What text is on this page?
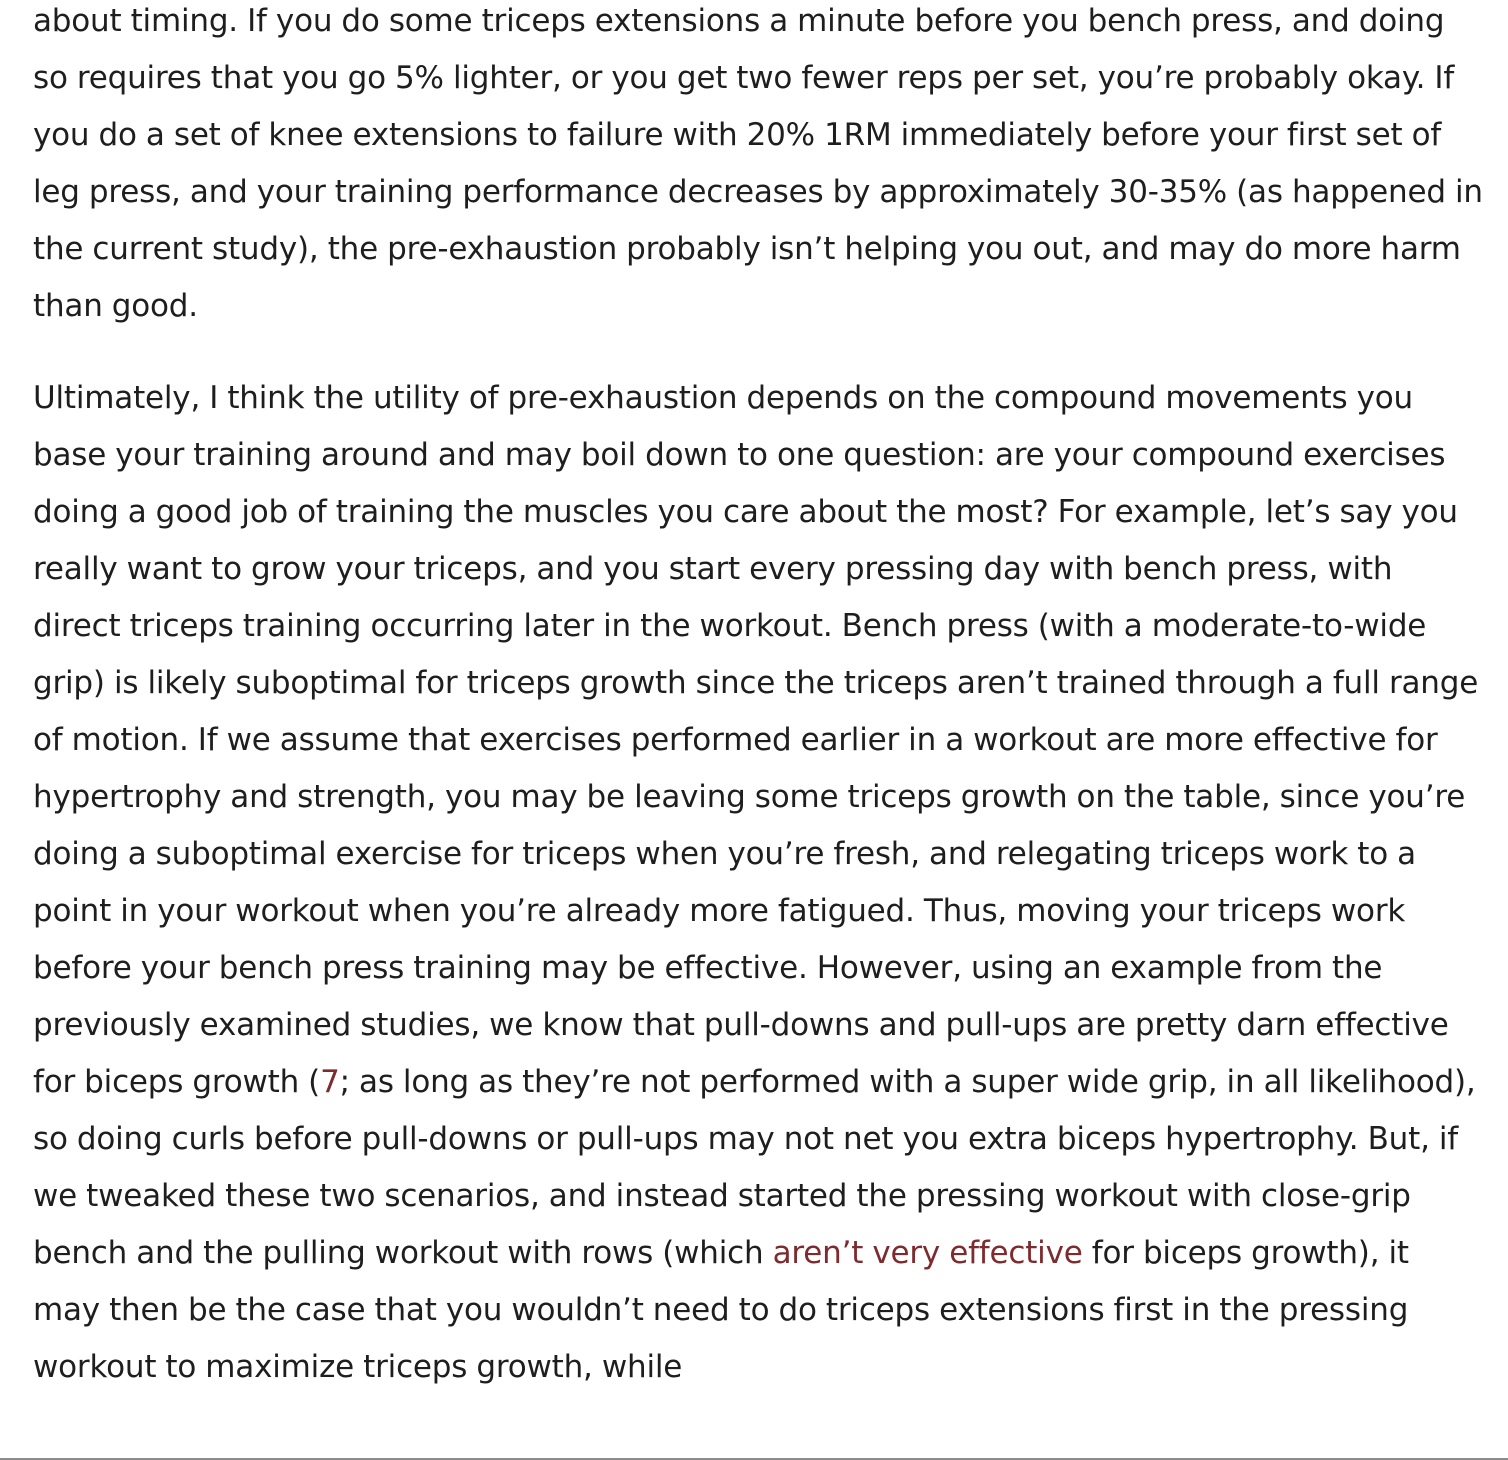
about timing. If you do some triceps extensions a minute before you bench press, and doing so requires that you go 5% lighter, or you get two fewer reps per set, you’re probably okay. If you do a set of knee extensions to failure with 20% 1RM immediately before your first set of leg press, and your training performance decreases by approximately 30-35% (as happened in the current study), the pre-exhaustion probably isn’t helping you out, and may do more harm than good.

Ultimately, I think the utility of pre-exhaustion depends on the compound movements you base your training around and may boil down to one question: are your compound exercises doing a good job of training the muscles you care about the most? For example, let’s say you really want to grow your triceps, and you start every pressing day with bench press, with direct triceps training occurring later in the workout. Bench press (with a moderate-to-wide grip) is likely suboptimal for triceps growth since the triceps aren’t trained through a full range of motion. If we assume that exercises performed earlier in a workout are more effective for hypertrophy and strength, you may be leaving some triceps growth on the table, since you’re doing a suboptimal exercise for triceps when you’re fresh, and relegating triceps work to a point in your workout when you’re already more fatigued. Thus, moving your triceps work before your bench press training may be effective. However, using an example from the previously examined studies, we know that pull-downs and pull-ups are pretty darn effective for biceps growth (7; as long as they’re not performed with a super wide grip, in all likelihood), so doing curls before pull-downs or pull-ups may not net you extra biceps hypertrophy. But, if we tweaked these two scenarios, and instead started the pressing workout with close-grip bench and the pulling workout with rows (which aren’t very effective for biceps growth), it may then be the case that you wouldn’t need to do triceps extensions first in the pressing workout to maximize triceps growth, while
